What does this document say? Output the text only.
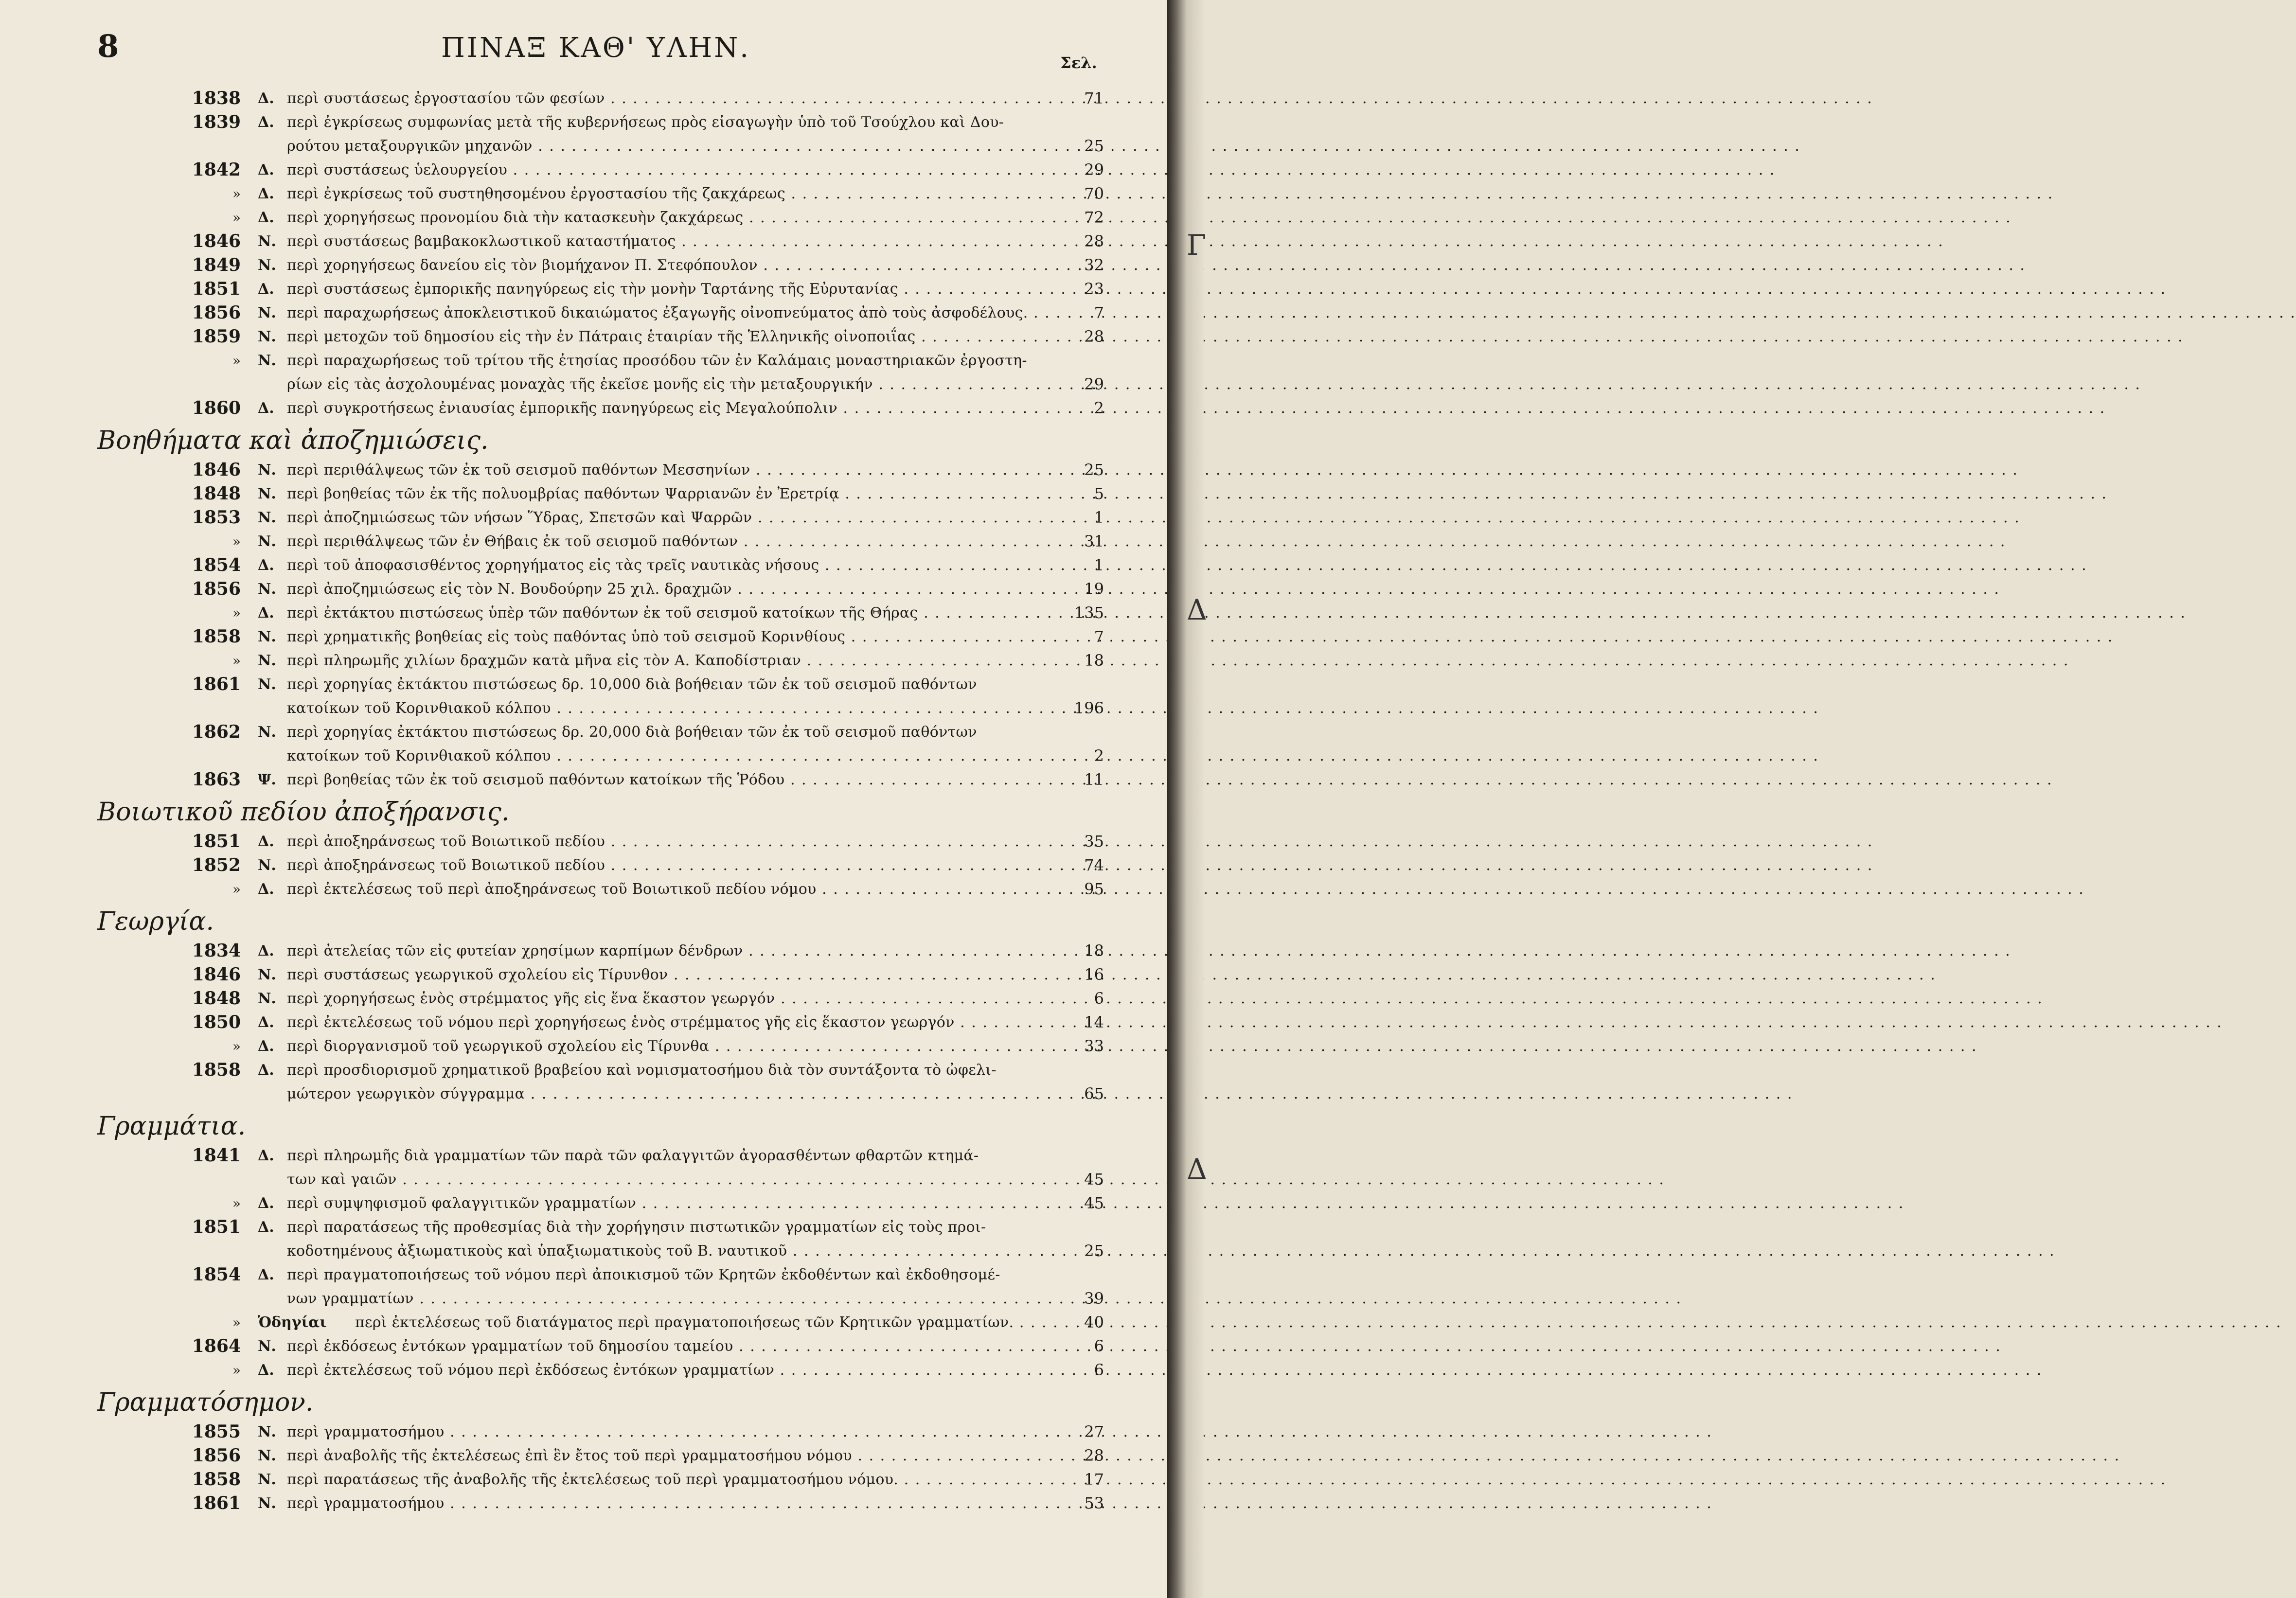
8	ΠΙΝΑΞ ΚΑΘ' ΥΛΗΝ.	Σελ.
1838 Δ. περὶ συστάσεως ἐργοστασίου τῶν φεσίων . . .	71
1839 Δ. περὶ ἐγκρίσεως συμφωνίας μετὰ τῆς κυβερνήσεως πρὸς εἰσαγωγὴν ὑπὸ τοῦ Τσούχλου καὶ Δου-
ρούτου μεταξουργικῶν μηχανῶν . . .	25
1842 Δ. περὶ συστάσεως ὑελουργείου . . .	29
» Δ. περὶ ἐγκρίσεως τοῦ συστηθησομένου ἐργοστασίου τῆς ζακχάρεως . . .	70
» Δ. περὶ χορηγήσεως προνομίου διὰ τὴν κατασκευὴν ζακχάρεως . . .	72
1846 Ν. περὶ συστάσεως βαμβακοκλωστικοῦ καταστήματος . . .	28
1849 Ν. περὶ χορηγήσεως δανείου εἰς τὸν βιομήχανον Π. Στεφόπουλον . . .	32
1851 Δ. περὶ συστάσεως ἐμπορικῆς πανηγύρεως εἰς τὴν μονὴν Ταρτάνης τῆς Εὐρυτανίας . . .	23
1856 Ν. περὶ παραχωρήσεως ἀποκλειστικοῦ δικαιώματος ἐξαγωγῆς οἰνοπνεύματος ἀπὸ τοὺς ἀσφοδέλους. . . .	7
1859 Ν. περὶ μετοχῶν τοῦ δημοσίου εἰς τὴν ἐν Πάτραις ἑταιρίαν τῆς Ἑλληνικῆς οἰνοποιΐας . . .	28
» Ν. περὶ παραχωρήσεως τοῦ τρίτου τῆς ἐτησίας προσόδου τῶν ἐν Καλάμαις μοναστηριακῶν ἐργοστη-
ρίων εἰς τὰς ἀσχολουμένας μοναχὰς τῆς ἐκεῖσε μονῆς εἰς τὴν μεταξουργικήν . . .	29
1860 Δ. περὶ συγκροτήσεως ἐνιαυσίας ἐμπορικῆς πανηγύρεως εἰς Μεγαλούπολιν . . .	2
Βοηθήματα καὶ ἀποζημιώσεις.
1846 Ν. περὶ περιθάλψεως τῶν ἐκ τοῦ σεισμοῦ παθόντων Μεσσηνίων . . .	25
1848 Ν. περὶ βοηθείας τῶν ἐκ τῆς πολυομβρίας παθόντων Ψαρριανῶν ἐν Ἐρετρίᾳ . . .	5
1853 Ν. περὶ ἀποζημιώσεως τῶν νήσων Ὕδρας, Σπετσῶν καὶ Ψαρρῶν . . .	1
» Ν. περὶ περιθάλψεως τῶν ἐν Θήβαις ἐκ τοῦ σεισμοῦ παθόντων . . .	31
1854 Δ. περὶ τοῦ ἀποφασισθέντος χορηγήματος εἰς τὰς τρεῖς ναυτικὰς νήσους . . .	1
1856 Ν. περὶ ἀποζημιώσεως εἰς τὸν Ν. Βουδούρην 25 χιλ. δραχμῶν . . .	19
» Δ. περὶ ἐκτάκτου πιστώσεως ὑπὲρ τῶν παθόντων ἐκ τοῦ σεισμοῦ κατοίκων τῆς Θήρας . . .	135
1858 Ν. περὶ χρηματικῆς βοηθείας εἰς τοὺς παθόντας ὑπὸ τοῦ σεισμοῦ Κορινθίους . . .	7
» Ν. περὶ πληρωμῆς χιλίων δραχμῶν κατὰ μῆνα εἰς τὸν Α. Καποδίστριαν . . .	18
1861 Ν. περὶ χορηγίας ἐκτάκτου πιστώσεως δρ. 10,000 διὰ βοήθειαν τῶν ἐκ τοῦ σεισμοῦ παθόντων
κατοίκων τοῦ Κορινθιακοῦ κόλπου . . .	196
1862 Ν. περὶ χορηγίας ἐκτάκτου πιστώσεως δρ. 20,000 διὰ βοήθειαν τῶν ἐκ τοῦ σεισμοῦ παθόντων
κατοίκων τοῦ Κορινθιακοῦ κόλπου . . .	2
1863 Ψ. περὶ βοηθείας τῶν ἐκ τοῦ σεισμοῦ παθόντων κατοίκων τῆς Ῥόδου . . .	11
Βοιωτικοῦ πεδίου ἀποξήρανσις.
1851 Δ. περὶ ἀποξηράνσεως τοῦ Βοιωτικοῦ πεδίου . . .	35
1852 Ν. περὶ ἀποξηράνσεως τοῦ Βοιωτικοῦ πεδίου . . .	74
» Δ. περὶ ἐκτελέσεως τοῦ περὶ ἀποξηράνσεως τοῦ Βοιωτικοῦ πεδίου νόμου . . .	95
Γεωργία.
1834 Δ. περὶ ἀτελείας τῶν εἰς φυτείαν χρησίμων καρπίμων δένδρων . . .	18
1846 Ν. περὶ συστάσεως γεωργικοῦ σχολείου εἰς Τίρυνθον . . .	16
1848 Ν. περὶ χορηγήσεως ἑνὸς στρέμματος γῆς εἰς ἕνα ἕκαστον γεωργόν . . .	6
1850 Δ. περὶ ἐκτελέσεως τοῦ νόμου περὶ χορηγήσεως ἑνὸς στρέμματος γῆς εἰς ἕκαστον γεωργόν . . .	14
» Δ. περὶ διοργανισμοῦ τοῦ γεωργικοῦ σχολείου εἰς Τίρυνθα . . .	33
1858 Δ. περὶ προσδιορισμοῦ χρηματικοῦ βραβείου καὶ νομισματοσήμου διὰ τὸν συντάξοντα τὸ ὠφελι-
μώτερον γεωργικὸν σύγγραμμα . . .	65
Γραμμάτια.
1841 Δ. περὶ πληρωμῆς διὰ γραμματίων τῶν παρὰ τῶν φαλαγγιτῶν ἀγορασθέντων φθαρτῶν κτημά-
των καὶ γαιῶν . . .	45
» Δ. περὶ συμψηφισμοῦ φαλαγγιτικῶν γραμματίων . . .	45
1851 Δ. περὶ παρατάσεως τῆς προθεσμίας διὰ τὴν χορήγησιν πιστωτικῶν γραμματίων εἰς τοὺς προι-
κοδοτημένους ἀξιωματικοὺς καὶ ὑπαξιωματικοὺς τοῦ Β. ναυτικοῦ . . .	25
1854 Δ. περὶ πραγματοποιήσεως τοῦ νόμου περὶ ἀποικισμοῦ τῶν Κρητῶν ἐκδοθέντων καὶ ἐκδοθησομέ-
νων γραμματίων . . .	39
» Ὁδηγίαι περὶ ἐκτελέσεως τοῦ διατάγματος περὶ πραγματοποιήσεως τῶν Κρητικῶν γραμματίων. . . .	40
1864 Ν. περὶ ἐκδόσεως ἐντόκων γραμματίων τοῦ δημοσίου ταμείου . . .	6
» Δ. περὶ ἐκτελέσεως τοῦ νόμου περὶ ἐκδόσεως ἐντόκων γραμματίων . . .	6
Γραμματόσημον.
1855 Ν. περὶ γραμματοσήμου . . .	27
1856 Ν. περὶ ἀναβολῆς τῆς ἐκτελέσεως ἐπὶ ἓν ἔτος τοῦ περὶ γραμματοσήμου νόμου . . .	28
1858 Ν. περὶ παρατάσεως τῆς ἀναβολῆς τῆς ἐκτελέσεως τοῦ περὶ γραμματοσήμου νόμου. . . .	17
1861 Ν. περὶ γραμματοσήμου . . .	53
Γ
Δ
Δ
